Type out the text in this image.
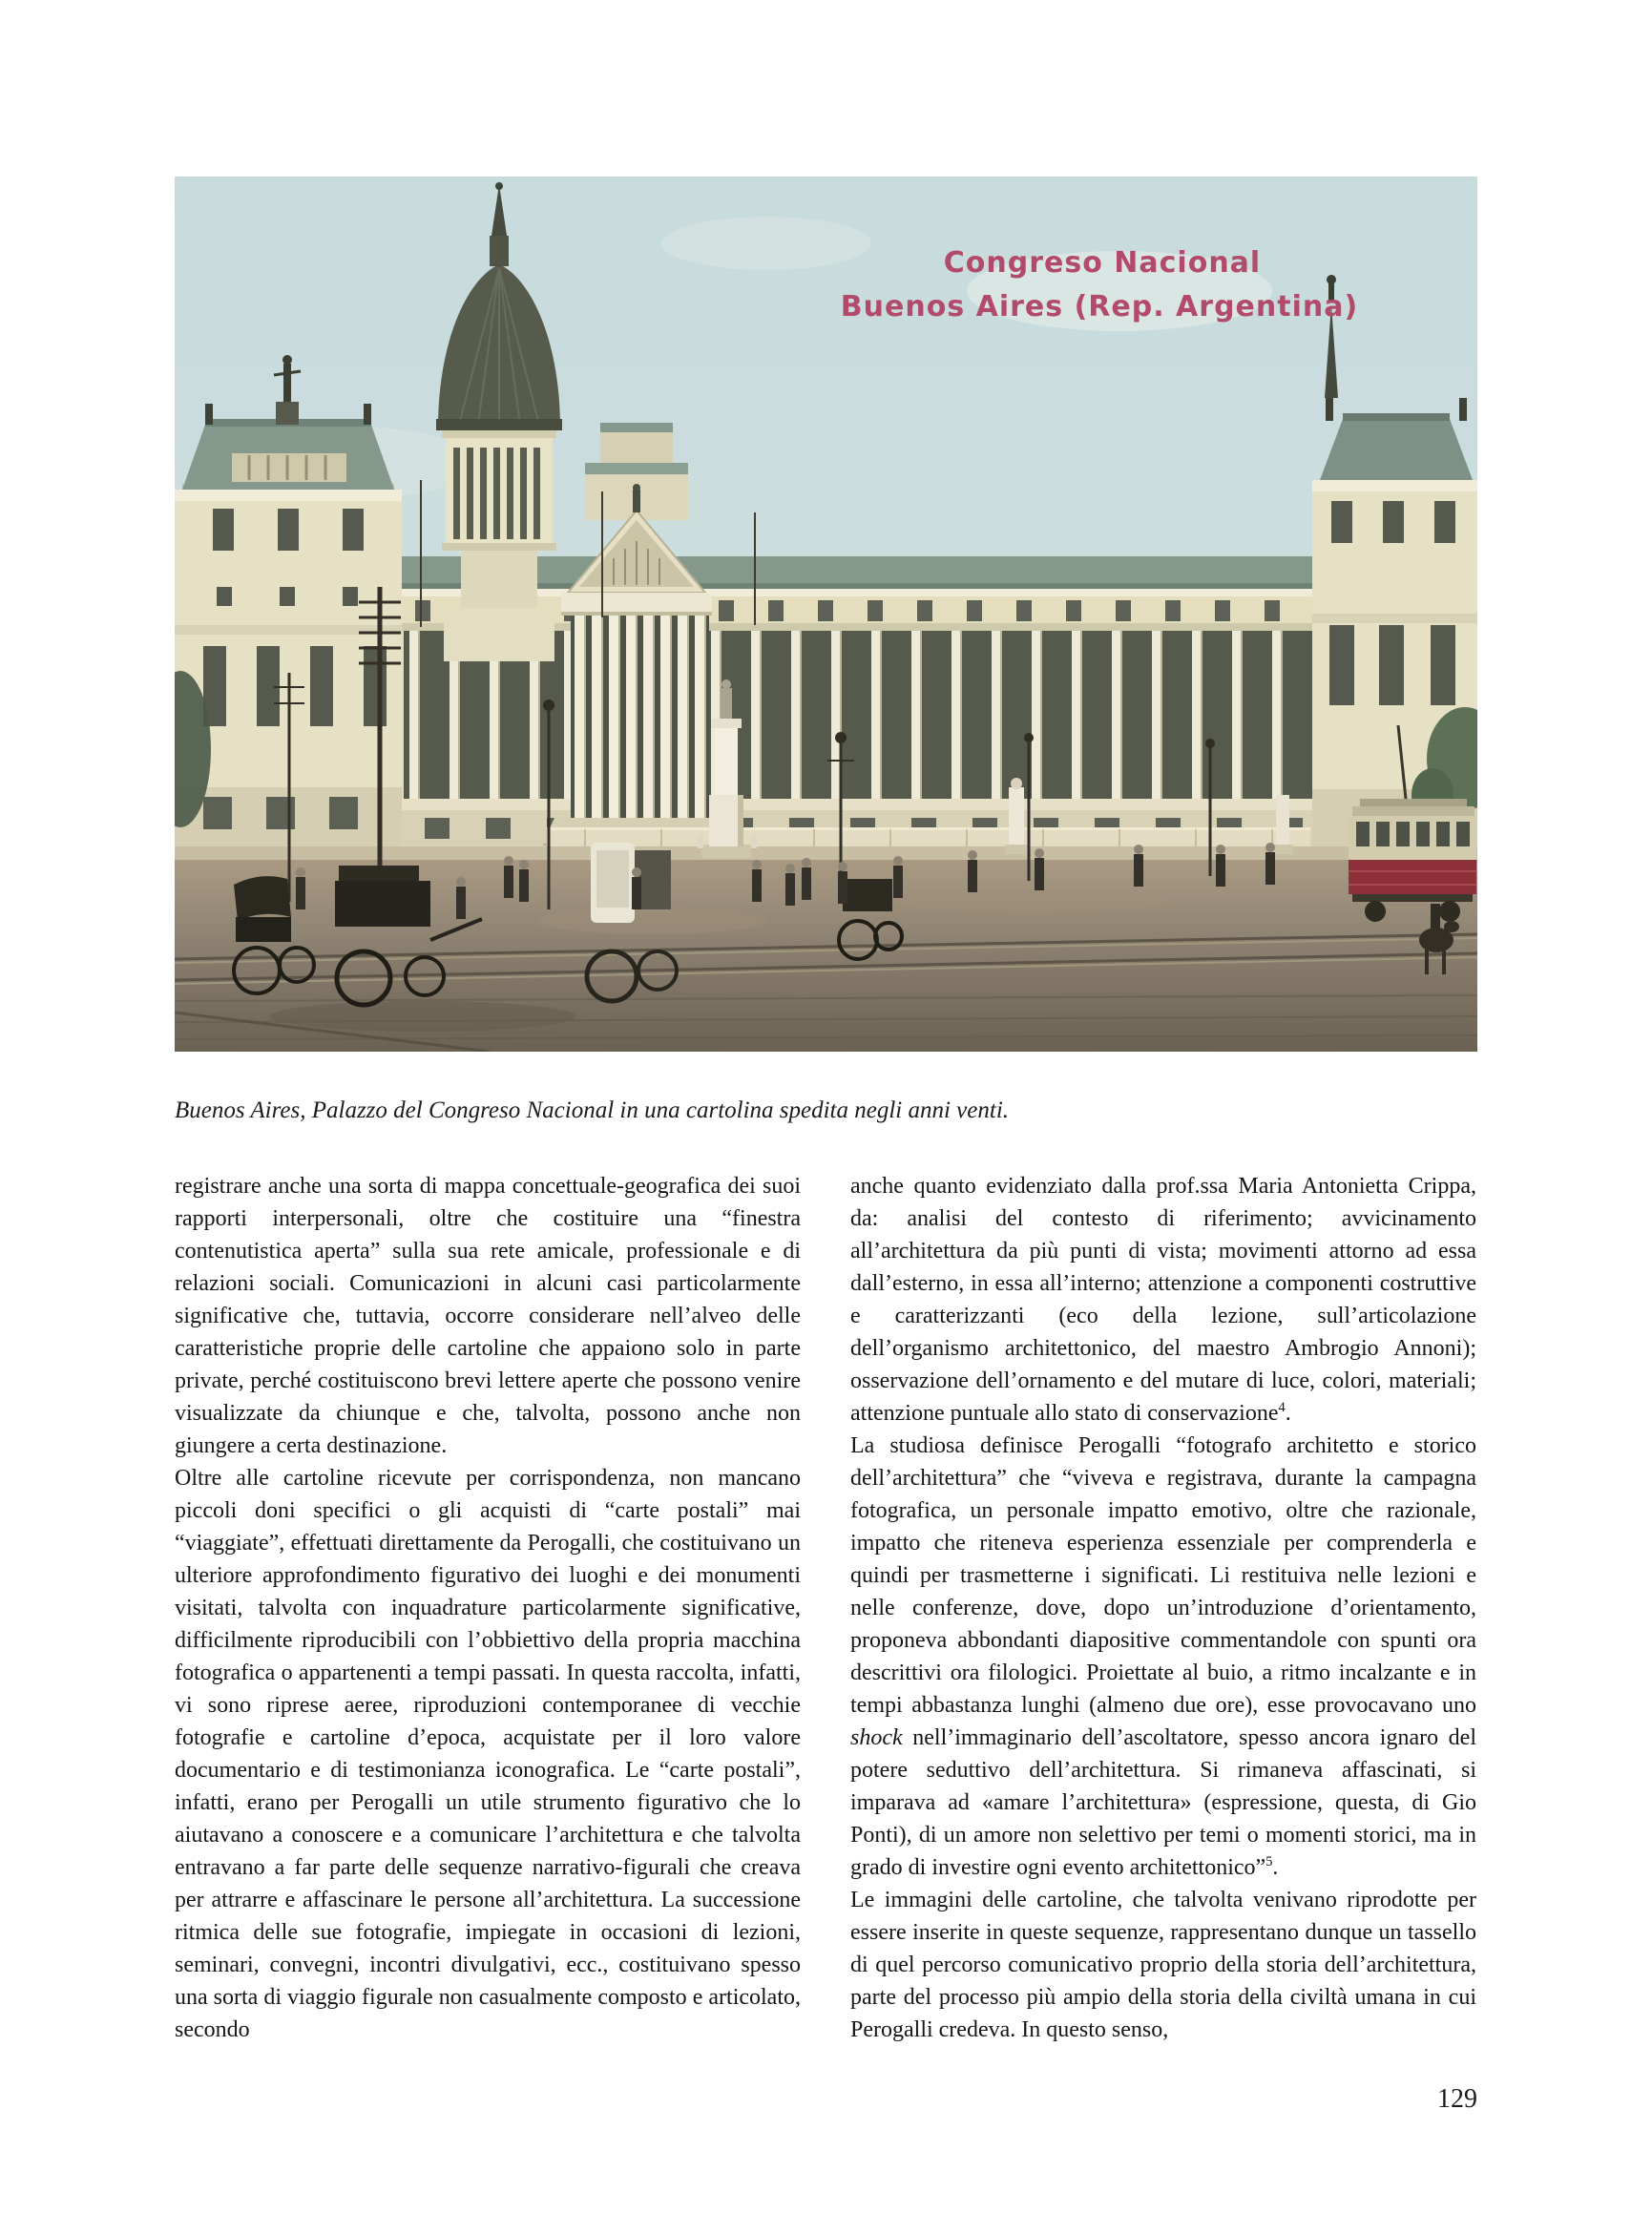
Congreso Nacional
Buenos Aires (Rep. Argentina)

Buenos Aires, Palazzo del Congreso Nacional in una cartolina spedita negli anni venti.

registrare anche una sorta di mappa concettuale-geografica dei suoi rapporti interpersonali, oltre che costituire una “finestra contenutistica aperta” sulla sua rete amicale, professionale e di relazioni sociali. Comunicazioni in alcuni casi particolarmente significative che, tuttavia, occorre considerare nell’alveo delle caratteristiche proprie delle cartoline che appaiono solo in parte private, perché costituiscono brevi lettere aperte che possono venire visualizzate da chiunque e che, talvolta, possono anche non giungere a certa destinazione.

Oltre alle cartoline ricevute per corrispondenza, non mancano piccoli doni specifici o gli acquisti di “carte postali” mai “viaggiate”, effettuati direttamente da Perogalli, che costituivano un ulteriore approfondimento figurativo dei luoghi e dei monumenti visitati, talvolta con inquadrature particolarmente significative, difficilmente riproducibili con l’obbiettivo della propria macchina fotografica o appartenenti a tempi passati. In questa raccolta, infatti, vi sono riprese aeree, riproduzioni contemporanee di vecchie fotografie e cartoline d’epoca, acquistate per il loro valore documentario e di testimonianza iconografica. Le “carte postali”, infatti, erano per Perogalli un utile strumento figurativo che lo aiutavano a conoscere e a comunicare l’architettura e che talvolta entravano a far parte delle sequenze narrativo-figurali che creava per attrarre e affascinare le persone all’architettura. La successione ritmica delle sue fotografie, impiegate in occasioni di lezioni, seminari, convegni, incontri divulgativi, ecc., costituivano spesso una sorta di viaggio figurale non casualmente composto e articolato, secondo

anche quanto evidenziato dalla prof.ssa Maria Antonietta Crippa, da: analisi del contesto di riferimento; avvicinamento all’architettura da più punti di vista; movimenti attorno ad essa dall’esterno, in essa all’interno; attenzione a componenti costruttive e caratterizzanti (eco della lezione, sull’articolazione dell’organismo architettonico, del maestro Ambrogio Annoni); osservazione dell’ornamento e del mutare di luce, colori, materiali; attenzione puntuale allo stato di conservazione$^4$.

La studiosa definisce Perogalli “fotografo architetto e storico dell’architettura” che “viveva e registrava, durante la campagna fotografica, un personale impatto emotivo, oltre che razionale, impatto che riteneva esperienza essenziale per comprenderla e quindi per trasmetterne i significati. Li restituiva nelle lezioni e nelle conferenze, dove, dopo un’introduzione d’orientamento, proponeva abbondanti diapositive commentandole con spunti ora descrittivi ora filologici. Proiettate al buio, a ritmo incalzante e in tempi abbastanza lunghi (almeno due ore), esse provocavano uno shock nell’immaginario dell’ascoltatore, spesso ancora ignaro del potere seduttivo dell’architettura. Si rimaneva affascinati, si imparava ad «amare l’architettura» (espressione, questa, di Gio Ponti), di un amore non selettivo per temi o momenti storici, ma in grado di investire ogni evento architettonico”$^5$.

Le immagini delle cartoline, che talvolta venivano riprodotte per essere inserite in queste sequenze, rappresentano dunque un tassello di quel percorso comunicativo proprio della storia dell’architettura, parte del processo più ampio della storia della civiltà umana in cui Perogalli credeva. In questo senso,

129
